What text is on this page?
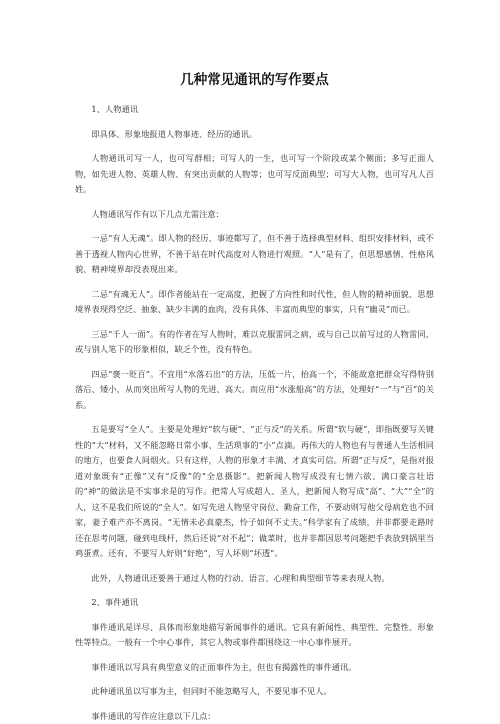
几种常见通讯的写作要点

1、人物通讯

即具体、形象地报道人物事迹、经历的通讯。

人物通讯可写一人，也可写群相；可写人的一生，也可写一个阶段或某个侧面；多写正面人物，如先进人物、英雄人物、有突出贡献的人物等；也可写反面典型；可写大人物，也可写凡人百姓。

人物通讯写作有以下几点尤需注意：

一忌“有人无魂”。即人物的经历、事迹都写了，但不善于选择典型材料、组织安排材料，或不善于透视人物内心世界，不善于站在时代高度对人物进行观照。“人”是有了，但思想感情、性格风貌、精神境界却没表现出来。

二忌“有魂无人”。即作者能站在一定高度，把握了方向性和时代性，但人物的精神面貌、思想境界表现得空泛、抽象、缺少丰满的血肉，没有具体、丰富而典型的事实，只有“幽灵”而已。

三忌“千人一面”。有的作者在写人物时，难以克服雷同之病，或与自己以前写过的人物雷同，或与别人笔下的形象相似，缺乏个性，没有特色。

四忌“褒一贬百”。不宜用“水落石出”的方法，压低一片，抬高一个，不能故意把群众写得特别落后、矮小，从而突出所写人物的先进、高大。而应用“水涨船高”的方法，处理好“一”与“百”的关系。

五是要写“全人”。主要是处理好“软与硬”、“正与反”的关系。所谓“软与硬”，即指既要写关键性的“大”材料，又不能忽略日常小事、生活琐事的“小”点滴。再伟大的人物也有与普通人生活相同的地方，也要食人间烟火。只有这样，人物的形象才丰满、才真实可信。所谓“正与反”，是指对报道对象既有“正像”又有“反像”的“全息摄影”。把新闻人物写成没有七情六欲、满口豪言壮语的“神”的做法是不实事求是的写作。把常人写成超人、圣人，把新闻人物写成“高”、“大”“全”的人，这不是我们所说的“全人”。如写先进人物坚守岗位、勤奋工作，不要动则写他父母病危也不回家，妻子难产亦不离岗。“无情未必真豪杰，怜子如何不丈夫。”科学家有了成绩，并非都要走路时还在思考问题，碰到电线杆，然后还说“对不起”；做菜时，也并非都因思考问题把手表放到锅里当鸡蛋煮。还有，不要写人好则“好绝”，写人坏则“坏透”。

此外，人物通讯还要善于通过人物的行动、语言、心理和典型细节等来表现人物。

2、事件通讯

事件通讯是详尽、具体而形象地描写新闻事件的通讯。它具有新闻性、典型性、完整性、形象性等特点。一般有一个中心事件，其它人物或事件都围绕这一中心事件展开。

事件通讯以写具有典型意义的正面事件为主，但也有揭露性的事件通讯。

此种通讯虽以写事为主，但同时不能忽略写人，不要见事不见人。

事件通讯的写作应注意以下几点：
